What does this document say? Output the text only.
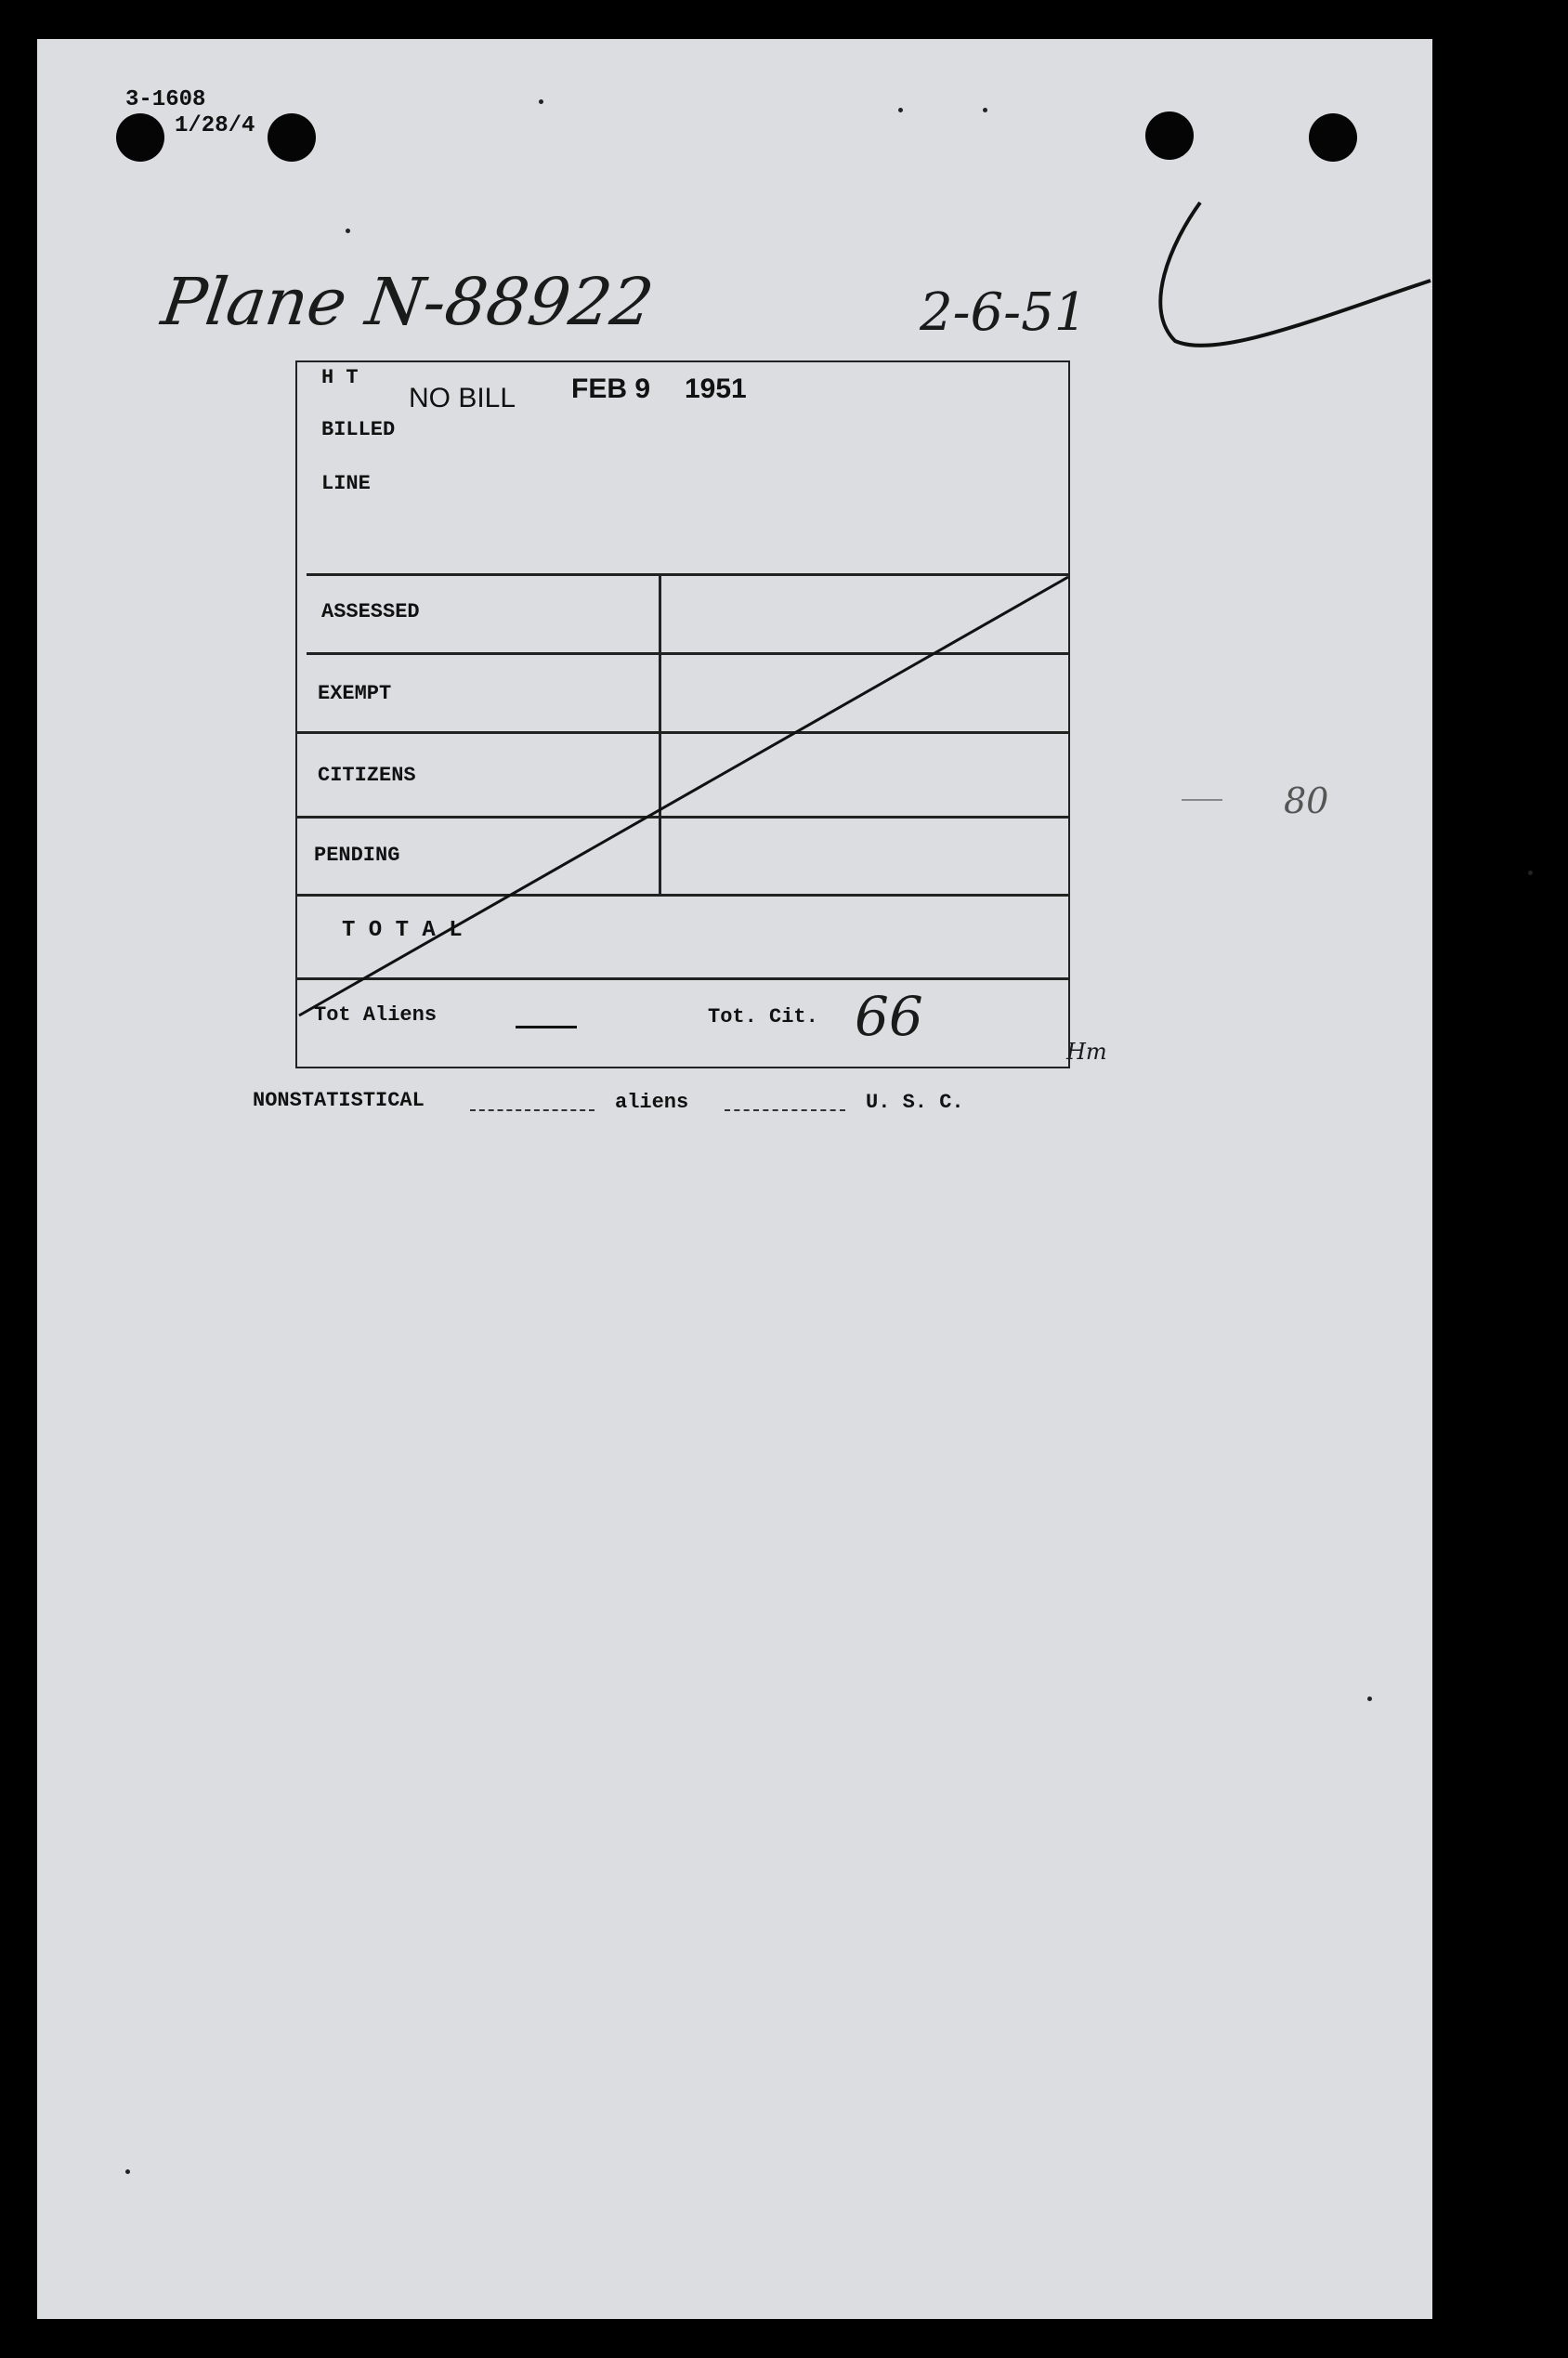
3-1608
1/28/4
Plane N-88922	2-6-51
H T
BILLED
LINE
NO BILL FEB 9 1951
ASSESSED
EXEMPT
CITIZENS
PENDING
T O T A L
Tot Aliens	Tot. Cit. 66
Hm
80
NONSTATISTICAL	aliens	U. S. C.
